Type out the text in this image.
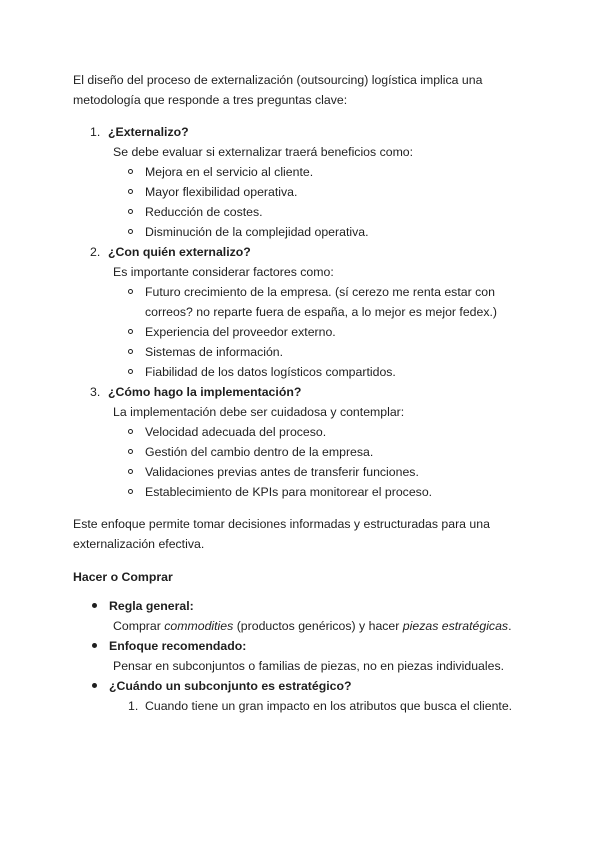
El diseño del proceso de externalización (outsourcing) logística implica una metodología que responde a tres preguntas clave:

1. ¿Externalizo?
Se debe evaluar si externalizar traerá beneficios como:
Mejora en el servicio al cliente.
Mayor flexibilidad operativa.
Reducción de costes.
Disminución de la complejidad operativa.
2. ¿Con quién externalizo?
Es importante considerar factores como:
Futuro crecimiento de la empresa. (sí cerezo me renta estar con correos? no reparte fuera de españa, a lo mejor es mejor fedex.)
Experiencia del proveedor externo.
Sistemas de información.
Fiabilidad de los datos logísticos compartidos.
3. ¿Cómo hago la implementación?
La implementación debe ser cuidadosa y contemplar:
Velocidad adecuada del proceso.
Gestión del cambio dentro de la empresa.
Validaciones previas antes de transferir funciones.
Establecimiento de KPIs para monitorear el proceso.

Este enfoque permite tomar decisiones informadas y estructuradas para una externalización efectiva.

Hacer o Comprar

Regla general:
Comprar commodities (productos genéricos) y hacer piezas estratégicas.
Enfoque recomendado:
Pensar en subconjuntos o familias de piezas, no en piezas individuales.
¿Cuándo un subconjunto es estratégico?
1. Cuando tiene un gran impacto en los atributos que busca el cliente.
